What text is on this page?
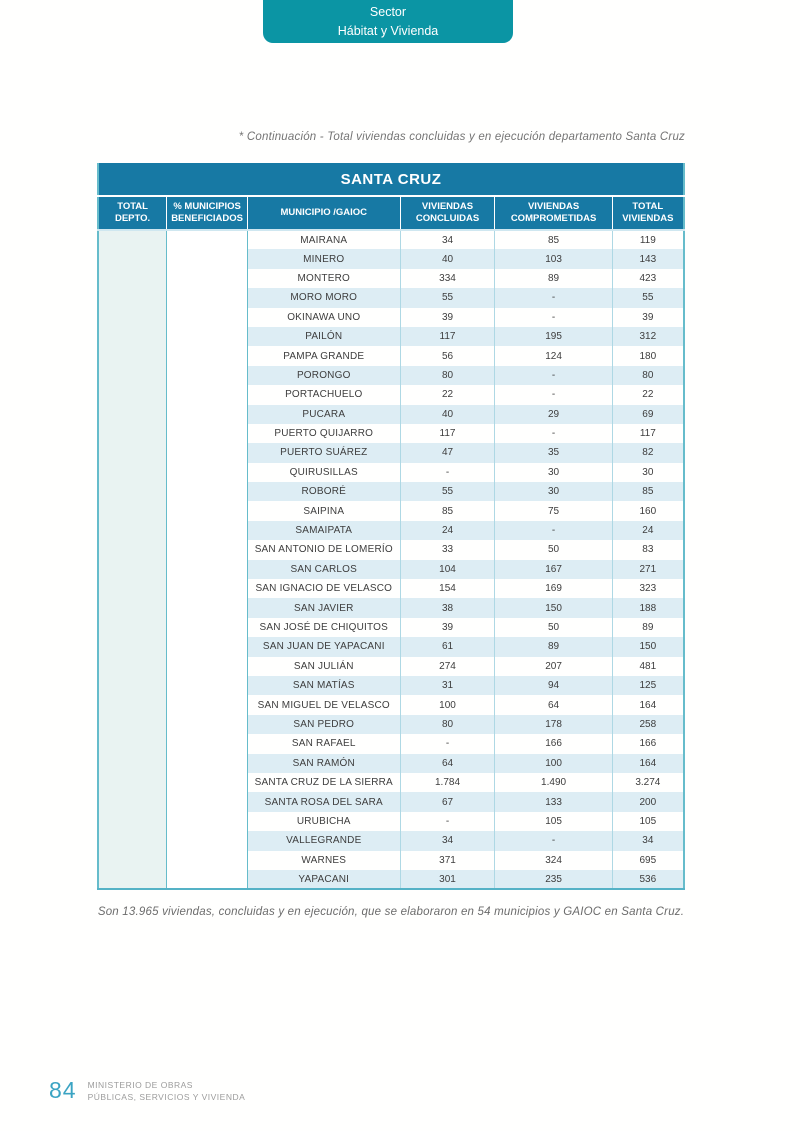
Sector
Hábitat y Vivienda
* Continuación - Total viviendas concluidas y en ejecución departamento Santa Cruz
SANTA CRUZ					
TOTAL DEPTO.	% MUNICIPIOS BENEFICIADOS	MUNICIPIO /GAIOC	VIVIENDAS CONCLUIDAS	VIVIENDAS COMPROMETIDAS	TOTAL VIVIENDAS
		MAIRANA	34	85	119
		MINERO	40	103	143
		MONTERO	334	89	423
		MORO MORO	55	-	55
		OKINAWA UNO	39	-	39
		PAILÓN	117	195	312
		PAMPA GRANDE	56	124	180
		PORONGO	80	-	80
		PORTACHUELO	22	-	22
		PUCARA	40	29	69
		PUERTO QUIJARRO	117	-	117
		PUERTO SUÁREZ	47	35	82
		QUIRUSILLAS	-	30	30
		ROBORÉ	55	30	85
		SAIPINA	85	75	160
		SAMAIPATA	24	-	24
		SAN ANTONIO DE LOMERÍO	33	50	83
		SAN CARLOS	104	167	271
		SAN IGNACIO DE VELASCO	154	169	323
		SAN JAVIER	38	150	188
		SAN JOSÉ DE CHIQUITOS	39	50	89
		SAN JUAN DE YAPACANI	61	89	150
		SAN JULIÁN	274	207	481
		SAN MATÍAS	31	94	125
		SAN MIGUEL DE VELASCO	100	64	164
		SAN PEDRO	80	178	258
		SAN RAFAEL	-	166	166
		SAN RAMÓN	64	100	164
		SANTA CRUZ DE LA SIERRA	1.784	1.490	3.274
		SANTA ROSA DEL SARA	67	133	200
		URUBICHA	-	105	105
		VALLEGRANDE	34	-	34
		WARNES	371	324	695
		YAPACANI	301	235	536
Son 13.965 viviendas, concluidas y en ejecución, que se elaboraron en 54 municipios y GAIOC en Santa Cruz.
84 MINISTERIO DE OBRAS
PÚBLICAS, SERVICIOS Y VIVIENDA
